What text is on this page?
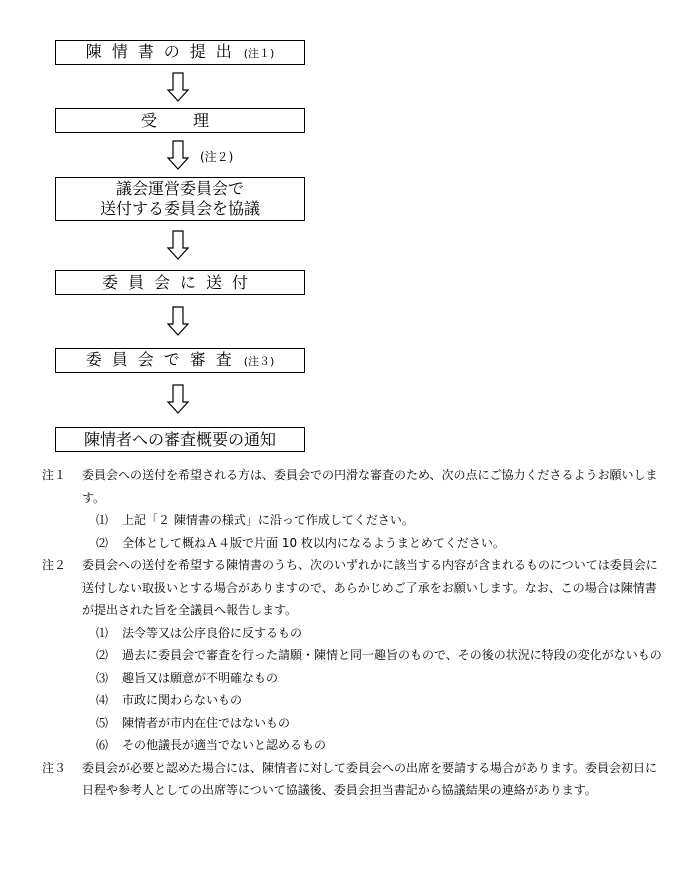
陳情書の提出 (注１)
受　理
(注２)
議会運営委員会で
送付する委員会を協議
委員会に送付
委員会で審査 (注３)
陳情者への審査概要の通知
注１ 委員会への送付を希望される方は、委員会での円滑な審査のため、次の点にご協力くださるようお願いします。
⑴ 上記「２ 陳情書の様式」に沿って作成してください。
⑵ 全体として概ねＡ４版で片面 10 枚以内になるようまとめてください。
注２ 委員会への送付を希望する陳情書のうち、次のいずれかに該当する内容が含まれるものについては委員会に送付しない取扱いとする場合がありますので、あらかじめご了承をお願いします。なお、この場合は陳情書が提出された旨を全議員へ報告します。
⑴ 法令等又は公序良俗に反するもの
⑵ 過去に委員会で審査を行った請願・陳情と同一趣旨のもので、その後の状況に特段の変化がないもの
⑶ 趣旨又は願意が不明確なもの
⑷ 市政に関わらないもの
⑸ 陳情者が市内在住ではないもの
⑹ その他議長が適当でないと認めるもの
注３ 委員会が必要と認めた場合には、陳情者に対して委員会への出席を要請する場合があります。委員会初日に日程や参考人としての出席等について協議後、委員会担当書記から協議結果の連絡があります。
